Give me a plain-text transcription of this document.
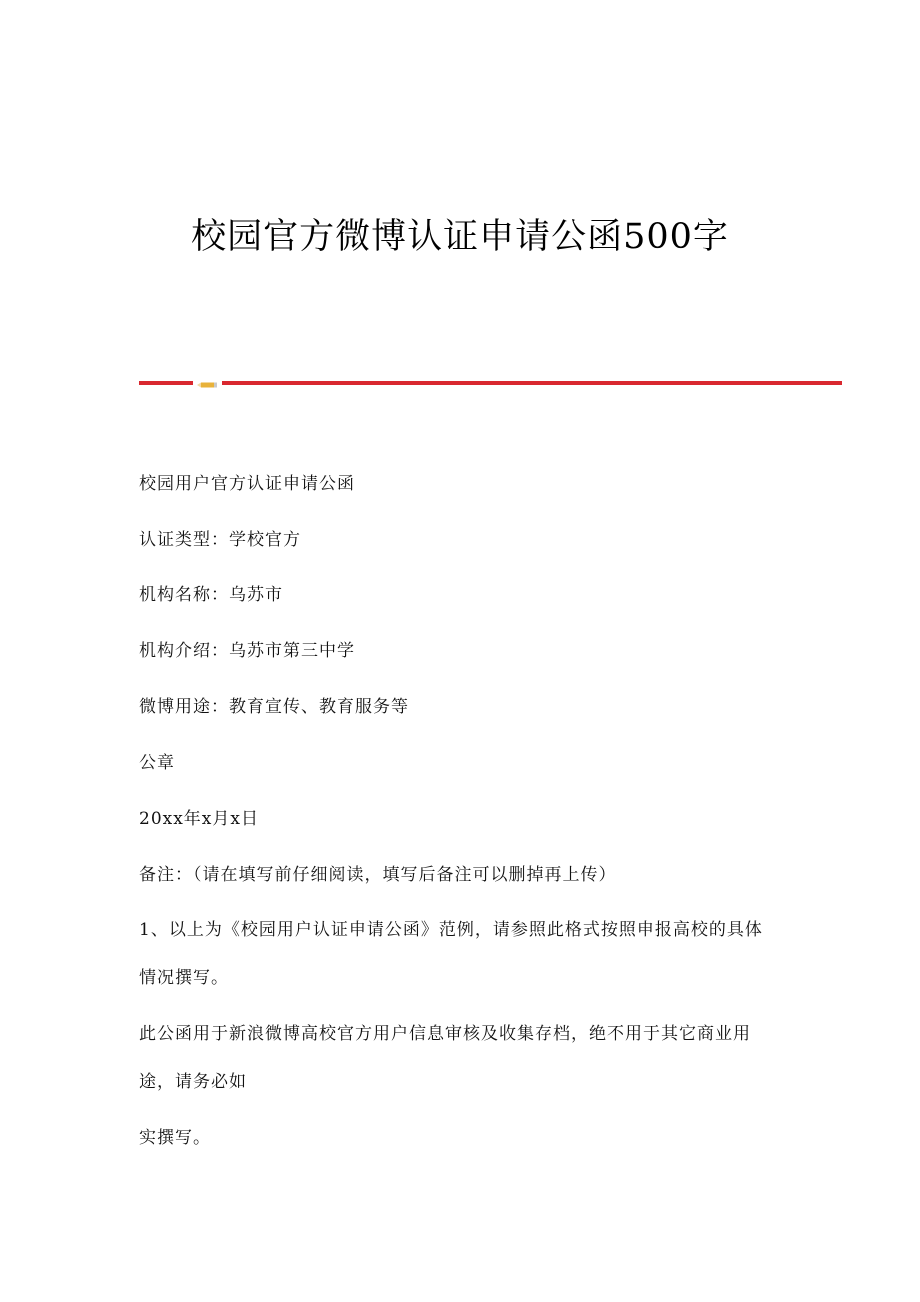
校园官方微博认证申请公函500字
校园用户官方认证申请公函
认证类型：学校官方
机构名称：乌苏市
机构介绍：乌苏市第三中学
微博用途：教育宣传、教育服务等
公章
20xx年x月x日
备注：（请在填写前仔细阅读，填写后备注可以删掉再上传）
1、以上为《校园用户认证申请公函》范例，请参照此格式按照申报高校的具体
情况撰写。
此公函用于新浪微博高校官方用户信息审核及收集存档，绝不用于其它商业用
途，请务必如
实撰写。
